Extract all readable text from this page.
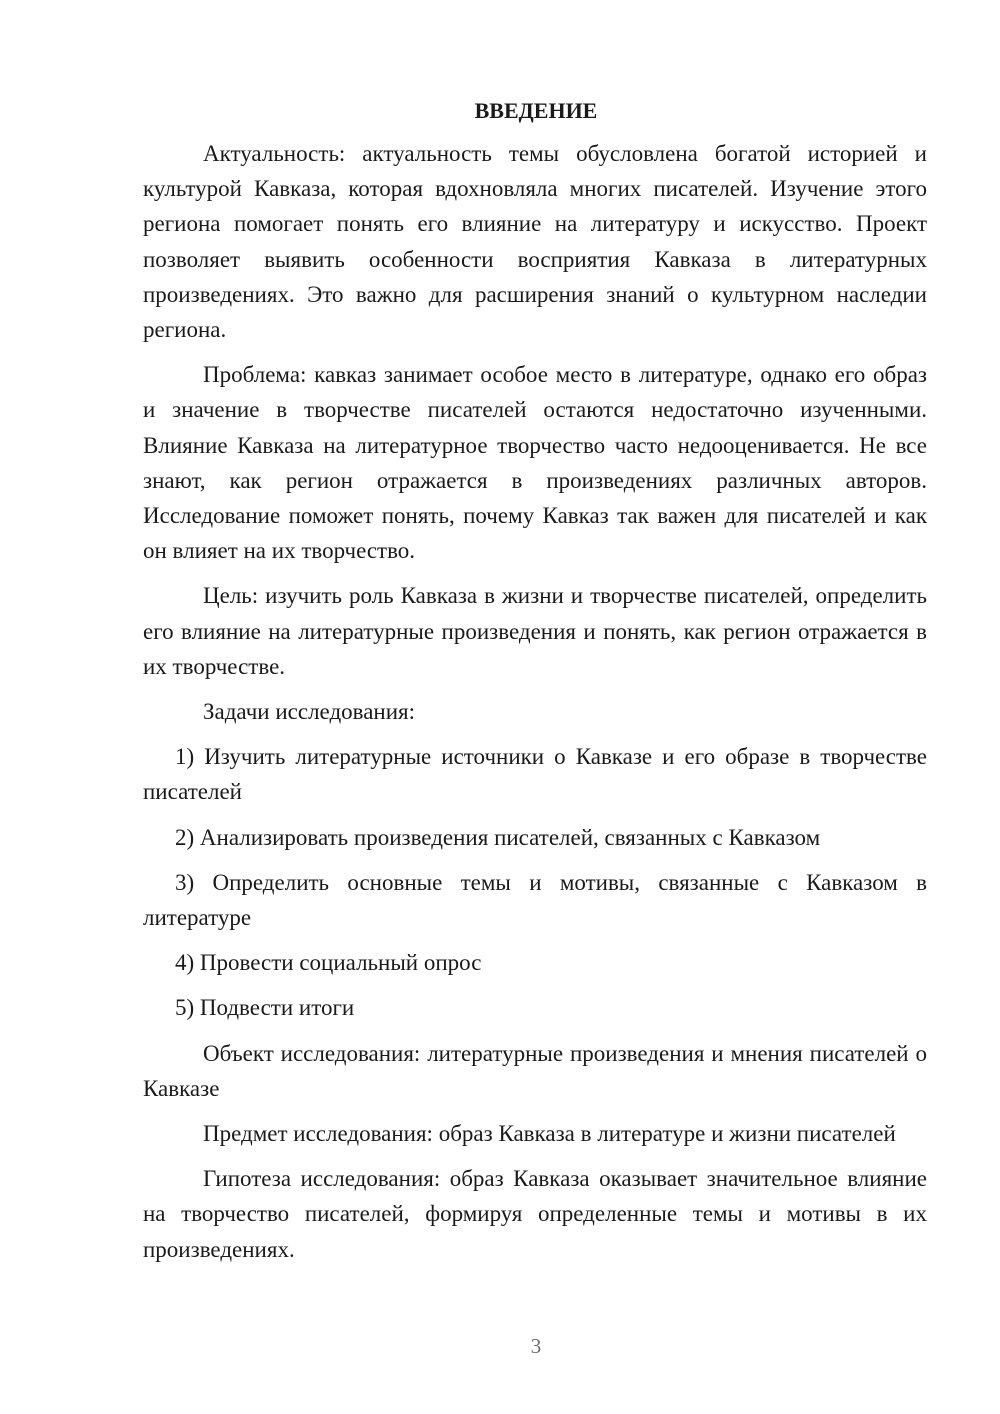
ВВЕДЕНИЕ

Актуальность: актуальность темы обусловлена богатой историей и культурой Кавказа, которая вдохновляла многих писателей. Изучение этого региона помогает понять его влияние на литературу и искусство. Проект позволяет выявить особенности восприятия Кавказа в литературных произведениях. Это важно для расширения знаний о культурном наследии региона.

Проблема: кавказ занимает особое место в литературе, однако его образ и значение в творчестве писателей остаются недостаточно изученными. Влияние Кавказа на литературное творчество часто недооценивается. Не все знают, как регион отражается в произведениях различных авторов. Исследование поможет понять, почему Кавказ так важен для писателей и как он влияет на их творчество.

Цель: изучить роль Кавказа в жизни и творчестве писателей, определить его влияние на литературные произведения и понять, как регион отражается в их творчестве.

Задачи исследования:

1) Изучить литературные источники о Кавказе и его образе в творчестве писателей

2) Анализировать произведения писателей, связанных с Кавказом

3) Определить основные темы и мотивы, связанные с Кавказом в литературе

4) Провести социальный опрос

5) Подвести итоги

Объект исследования: литературные произведения и мнения писателей о Кавказе

Предмет исследования: образ Кавказа в литературе и жизни писателей

Гипотеза исследования: образ Кавказа оказывает значительное влияние на творчество писателей, формируя определенные темы и мотивы в их произведениях.

3
